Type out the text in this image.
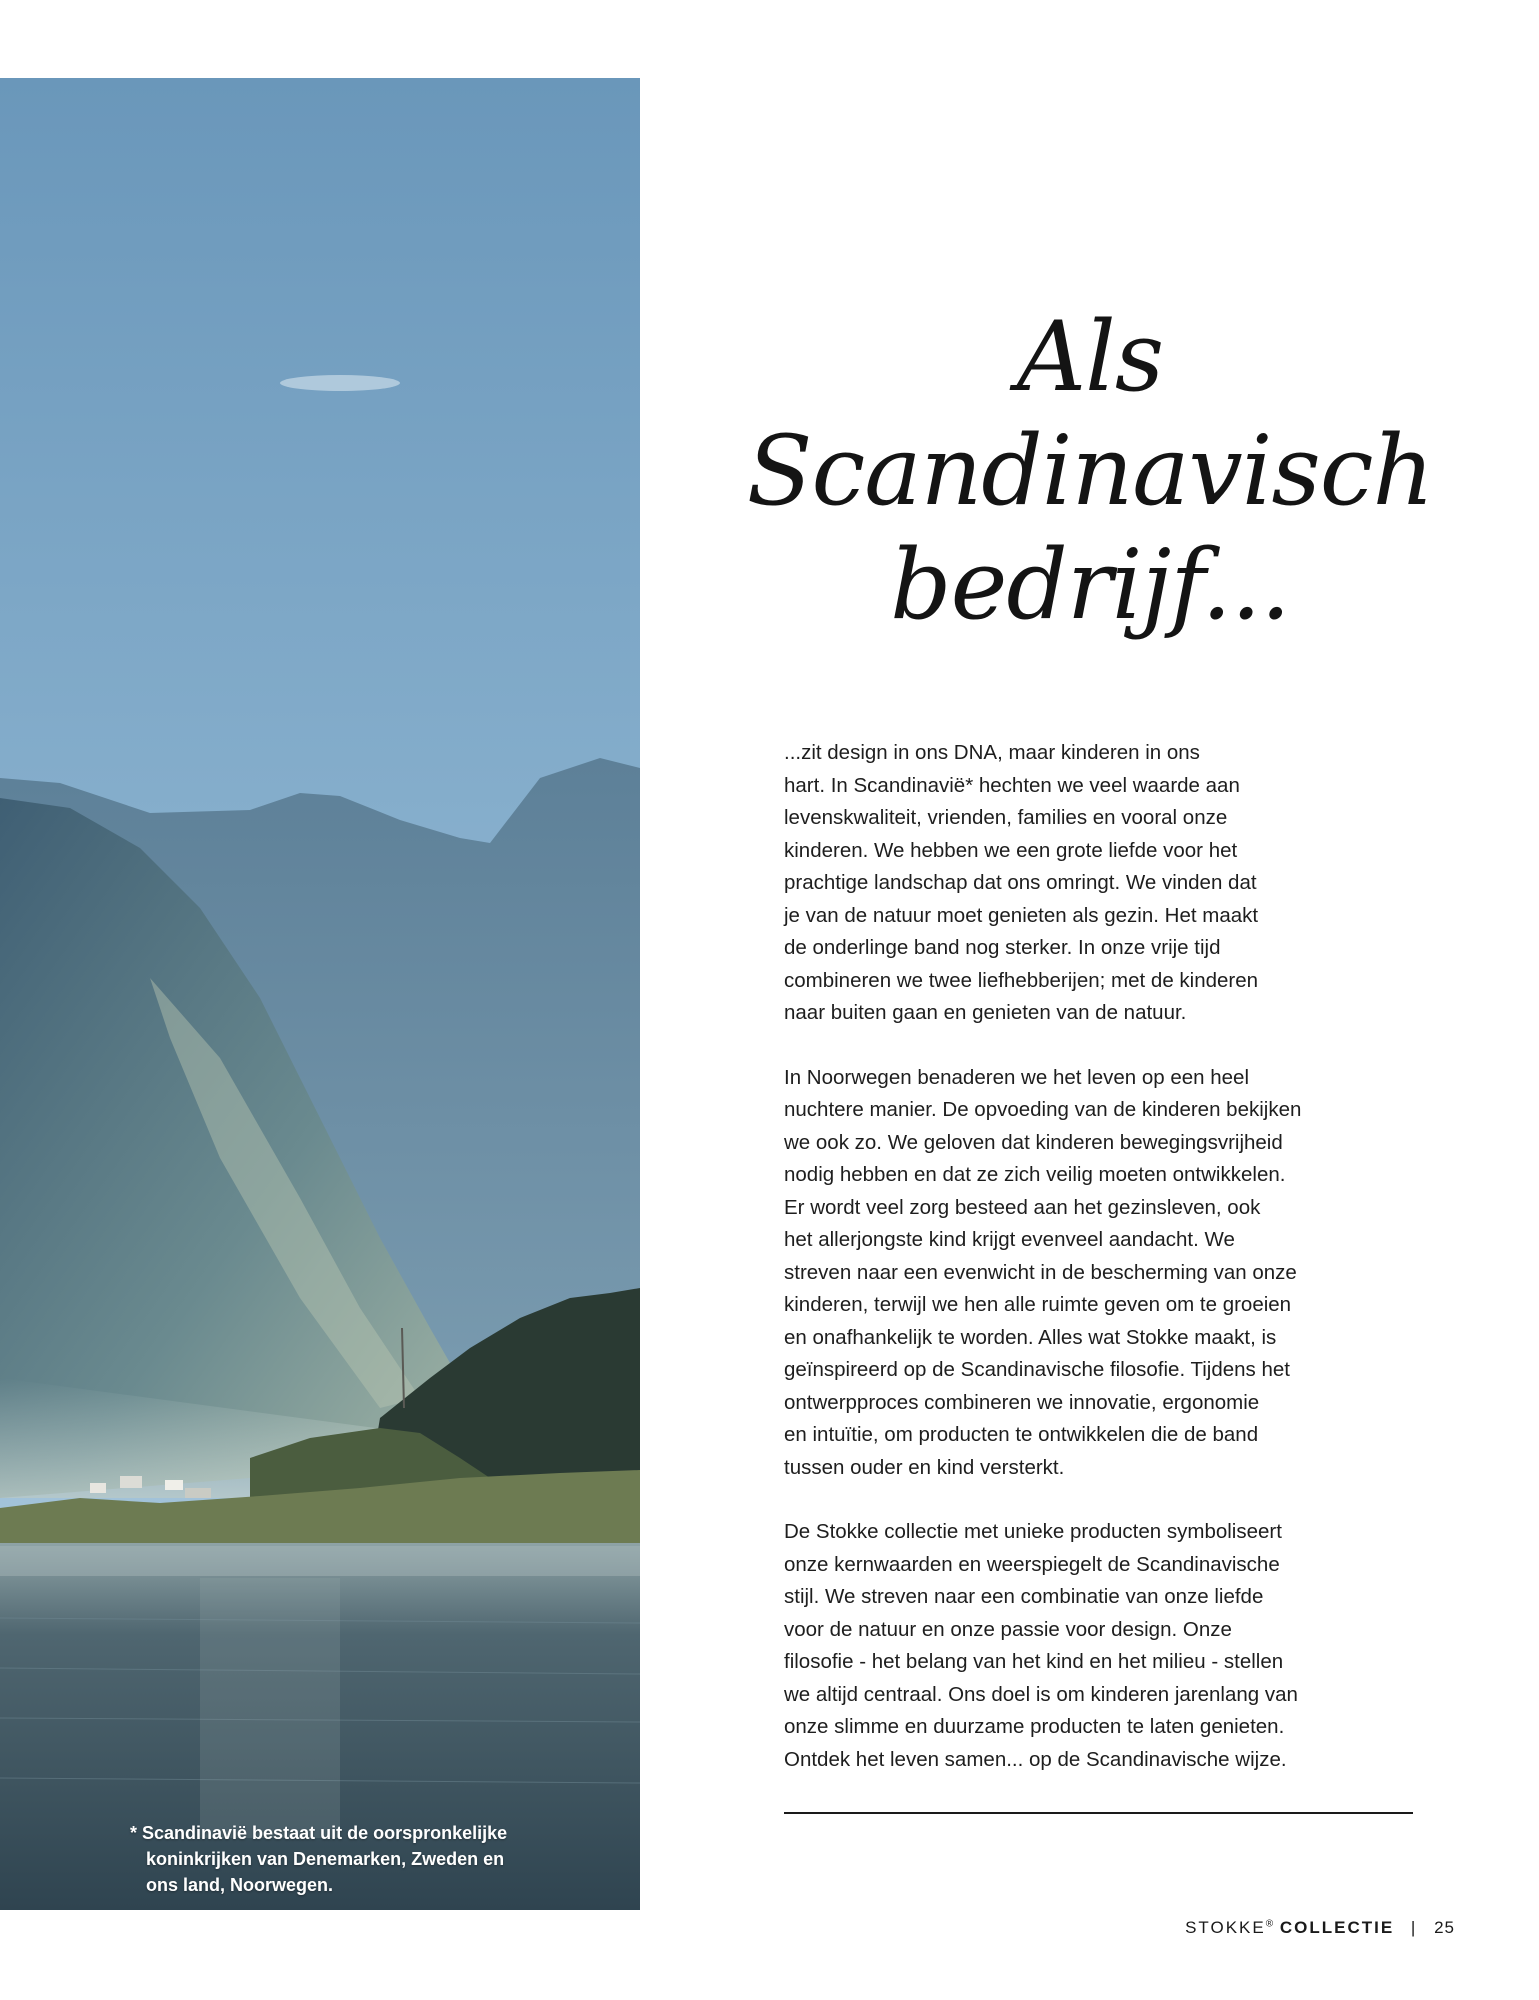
* Scandinavië bestaat uit de oorspronkelijke
koninkrijken van Denemarken, Zweden en
ons land, Noorwegen.
Als
Scandinavisch
bedrijf...

...zit design in ons DNA, maar kinderen in ons
hart. In Scandinavië* hechten we veel waarde aan
levenskwaliteit, vrienden, families en vooral onze
kinderen. We hebben we een grote liefde voor het
prachtige landschap dat ons omringt. We vinden dat
je van de natuur moet genieten als gezin. Het maakt
de onderlinge band nog sterker. In onze vrije tijd
combineren we twee liefhebberijen; met de kinderen
naar buiten gaan en genieten van de natuur.

In Noorwegen benaderen we het leven op een heel
nuchtere manier. De opvoeding van de kinderen bekijken
we ook zo. We geloven dat kinderen bewegingsvrijheid
nodig hebben en dat ze zich veilig moeten ontwikkelen.
Er wordt veel zorg besteed aan het gezinsleven, ook
het allerjongste kind krijgt evenveel aandacht. We
streven naar een evenwicht in de bescherming van onze
kinderen, terwijl we hen alle ruimte geven om te groeien
en onafhankelijk te worden. Alles wat Stokke maakt, is
geïnspireerd op de Scandinavische filosofie. Tijdens het
ontwerpproces combineren we innovatie, ergonomie
en intuïtie, om producten te ontwikkelen die de band
tussen ouder en kind versterkt.

De Stokke collectie met unieke producten symboliseert
onze kernwaarden en weerspiegelt de Scandinavische
stijl. We streven naar een combinatie van onze liefde
voor de natuur en onze passie voor design. Onze
filosofie - het belang van het kind en het milieu - stellen
we altijd centraal. Ons doel is om kinderen jarenlang van
onze slimme en duurzame producten te laten genieten.
Ontdek het leven samen... op de Scandinavische wijze.

STOKKE® COLLECTIE | 25
